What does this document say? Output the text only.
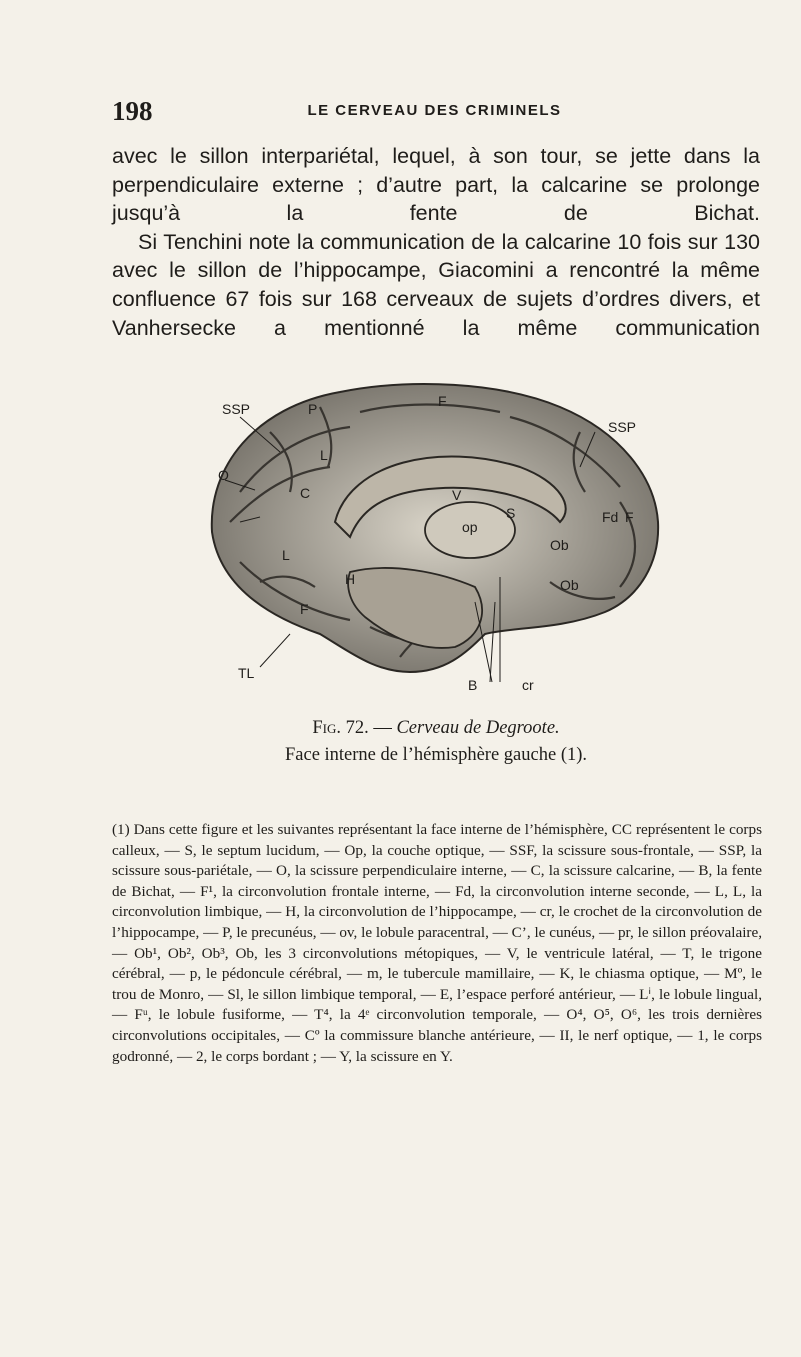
198	LE CERVEAU DES CRIMINELS

avec le sillon interpariétal, lequel, à son tour, se jette dans la perpendiculaire externe ; d’autre part, la calcarine se prolonge jusqu’à la fente de Bichat.

Si Tenchini note la communication de la calcarine 10 fois sur 130 avec le sillon de l’hippocampe, Giacomini a rencontré la même confluence 67 fois sur 168 cerveaux de sujets d’ordres divers, et Vanhersecke a mentionné la même communication

SSP	P	F
SSP
O
L
C	V
S	F
op
Fd
Ob
L
H	Ob
F
TL
B	cr
Fig. 72. — Cerveau de Degroote.
Face interne de l’hémisphère gauche (1).

(1) Dans cette figure et les suivantes représentant la face interne de l’hémisphère, CC représentent le corps calleux, — S, le septum lucidum, — Op, la couche optique, — SSF, la scissure sous-frontale, — SSP, la scissure sous-pariétale, — O, la scissure perpendiculaire interne, — C, la scissure calcarine, — B, la fente de Bichat, — F¹, la circonvolution frontale interne, — Fd, la circonvolution interne seconde, — L, L, la circonvolution limbique, — H, la circonvolution de l’hippocampe, — cr, le crochet de la circonvolution de l’hippocampe, — P, le precunéus, — ov, le lobule paracentral, — C’, le cunéus, — pr, le sillon préovalaire, — Ob¹, Ob², Ob³, Ob, les 3 circonvolutions métopiques, — V, le ventricule latéral, — T, le trigone cérébral, — p, le pédoncule cérébral, — m, le tubercule mamillaire, — K, le chiasma optique, — Mº, le trou de Monro, — Sl, le sillon limbique temporal, — E, l’espace perforé antérieur, — Lⁱ, le lobule lingual, — Fᵘ, le lobule fusiforme, — T⁴, la 4ᵉ circonvolution temporale, — O⁴, O⁵, O⁶, les trois dernières circonvolutions occipitales, — Cº la commissure blanche antérieure, — II, le nerf optique, — 1, le corps godronné, — 2, le corps bordant ; — Y, la scissure en Y.
